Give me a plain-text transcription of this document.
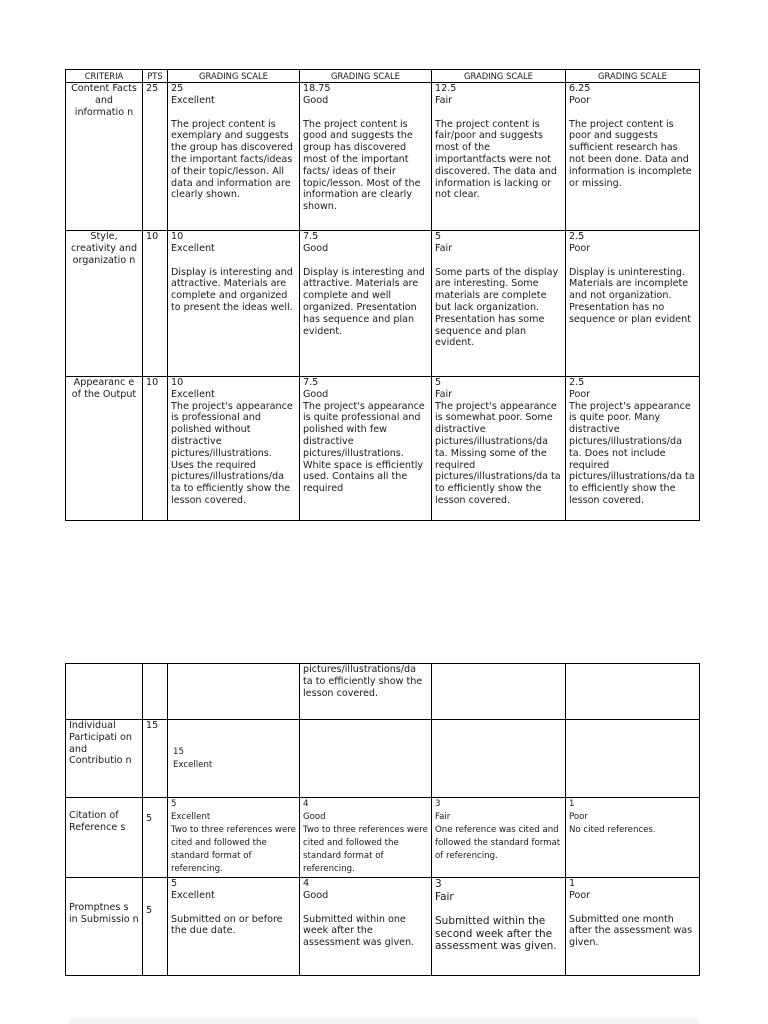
CRITERIA	PTS	GRADING SCALE	GRADING SCALE	GRADING SCALE	GRADING SCALE
Content Facts and informatio n	25	25
Excellent
The project content is exemplary and suggests the group has discovered the important facts/ideas of their topic/lesson. All data and information are clearly shown.	18.75
Good
The project content is good and suggests the group has discovered most of the important facts/ ideas of their topic/lesson. Most of the information are clearly shown.	12.5
Fair
The project content is fair/poor and suggests most of the importantfacts were not discovered. The data and information is lacking or not clear.	6.25
Poor
The project content is poor and suggests sufficient research has not been done. Data and information is incomplete or missing.

Style, creativity and organizatio n	10	10
Excellent
Display is interesting and attractive. Materials are complete and organized to present the ideas well.	7.5
Good
Display is interesting and attractive. Materials are complete and well organized. Presentation has sequence and plan evident.	5
Fair
Some parts of the display are interesting. Some materials are complete but lack organization. Presentation has some sequence and plan evident.	2.5
Poor
Display is uninteresting. Materials are incomplete and not organization. Presentation has no sequence or plan evident

Appearanc e of the Output	10	10
Excellent
The project's appearance is professional and polished without distractive pictures/illustrations. Uses the required pictures/illustrations/da ta to efficiently show the lesson covered.	7.5
Good
The project's appearance is quite professional and polished with few distractive pictures/illustrations. White space is efficiently used. Contains all the required	5
Fair
The project's appearance is somewhat poor. Some distractive pictures/illustrations/da ta. Missing some of the required pictures/illustrations/da ta to efficiently show the lesson covered.	2.5
Poor
The project's appearance is quite poor. Many distractive pictures/illustrations/da ta. Does not include required pictures/illustrations/da ta to efficiently show the lesson covered.

			pictures/illustrations/da ta to efficiently show the lesson covered.		

Individual Participati on and Contributio n	15	15
Excellent			

Citation of Reference s	5	5
Excellent
Two to three references were cited and followed the standard format of referencing.	4
Good
Two to three references were cited and followed the standard format of referencing.	3
Fair
One reference was cited and followed the standard format of referencing.	1
Poor
No cited references.

Promptnes s in Submissio n	5	5
Excellent
Submitted on or before the due date.	4
Good
Submitted within one week after the assessment was given.	3
Fair
Submitted within the second week after the assessment was given.	1
Poor
Submitted one month after the assessment was given.
